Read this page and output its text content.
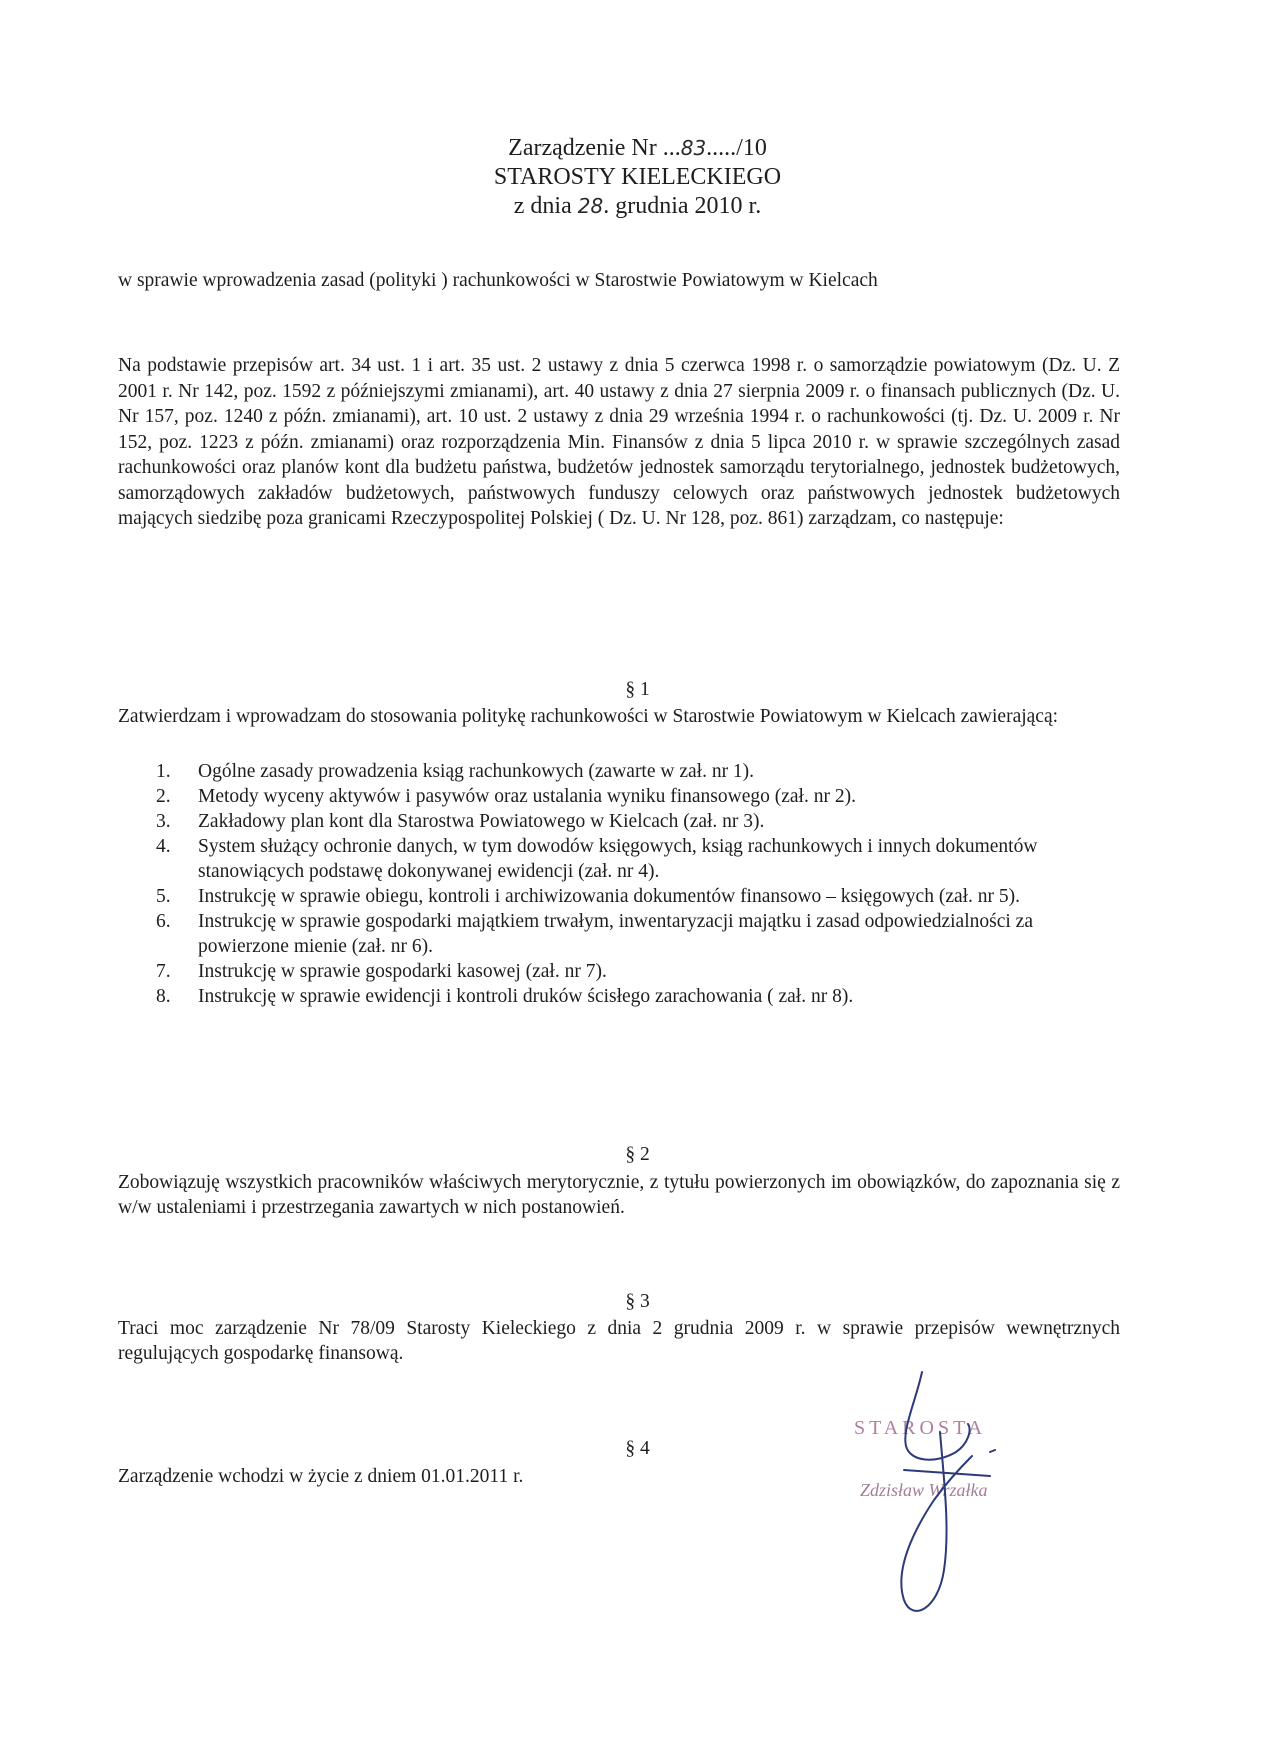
Zarządzenie Nr ...83...../10
STAROSTY KIELECKIEGO
z dnia 28. grudnia 2010 r.
w sprawie wprowadzenia zasad (polityki ) rachunkowości w Starostwie Powiatowym w Kielcach
Na podstawie przepisów art. 34 ust. 1 i art. 35 ust. 2 ustawy z dnia 5 czerwca 1998 r. o samorządzie powiatowym (Dz. U. Z 2001 r. Nr 142, poz. 1592 z późniejszymi zmianami), art. 40 ustawy z dnia 27 sierpnia 2009 r. o finansach publicznych (Dz. U. Nr 157, poz. 1240 z późn. zmianami), art. 10 ust. 2 ustawy z dnia 29 września 1994 r. o rachunkowości (tj. Dz. U. 2009 r. Nr 152, poz. 1223 z późn. zmianami) oraz rozporządzenia Min. Finansów z dnia 5 lipca 2010 r. w sprawie szczególnych zasad rachunkowości oraz planów kont dla budżetu państwa, budżetów jednostek samorządu terytorialnego, jednostek budżetowych, samorządowych zakładów budżetowych, państwowych funduszy celowych oraz państwowych jednostek budżetowych mających siedzibę poza granicami Rzeczypospolitej Polskiej ( Dz. U. Nr 128, poz. 861) zarządzam, co następuje:
§ 1
Zatwierdzam i wprowadzam do stosowania politykę rachunkowości w Starostwie Powiatowym w Kielcach zawierającą:
1. Ogólne zasady prowadzenia ksiąg rachunkowych (zawarte w zał. nr 1).
2. Metody wyceny aktywów i pasywów oraz ustalania wyniku finansowego (zał. nr 2).
3. Zakładowy plan kont dla Starostwa Powiatowego w Kielcach (zał. nr 3).
4. System służący ochronie danych, w tym dowodów księgowych, ksiąg rachunkowych i innych dokumentów stanowiących podstawę dokonywanej ewidencji (zał. nr 4).
5. Instrukcję w sprawie obiegu, kontroli i archiwizowania dokumentów finansowo – księgowych (zał. nr 5).
6. Instrukcję w sprawie gospodarki majątkiem trwałym, inwentaryzacji majątku i zasad odpowiedzialności za powierzone mienie (zał. nr 6).
7. Instrukcję w sprawie gospodarki kasowej (zał. nr 7).
8. Instrukcję w sprawie ewidencji i kontroli druków ścisłego zarachowania ( zał. nr 8).
§ 2
Zobowiązuję wszystkich pracowników właściwych merytorycznie, z tytułu powierzonych im obowiązków, do zapoznania się z w/w ustaleniami i przestrzegania zawartych w nich postanowień.
§ 3
Traci moc zarządzenie Nr 78/09 Starosty Kieleckiego z dnia 2 grudnia 2009 r. w sprawie przepisów wewnętrznych regulujących gospodarkę finansową.
§ 4
Zarządzenie wchodzi w życie z dniem 01.01.2011 r.
STAROSTA
Zdzisław Wrzałka
